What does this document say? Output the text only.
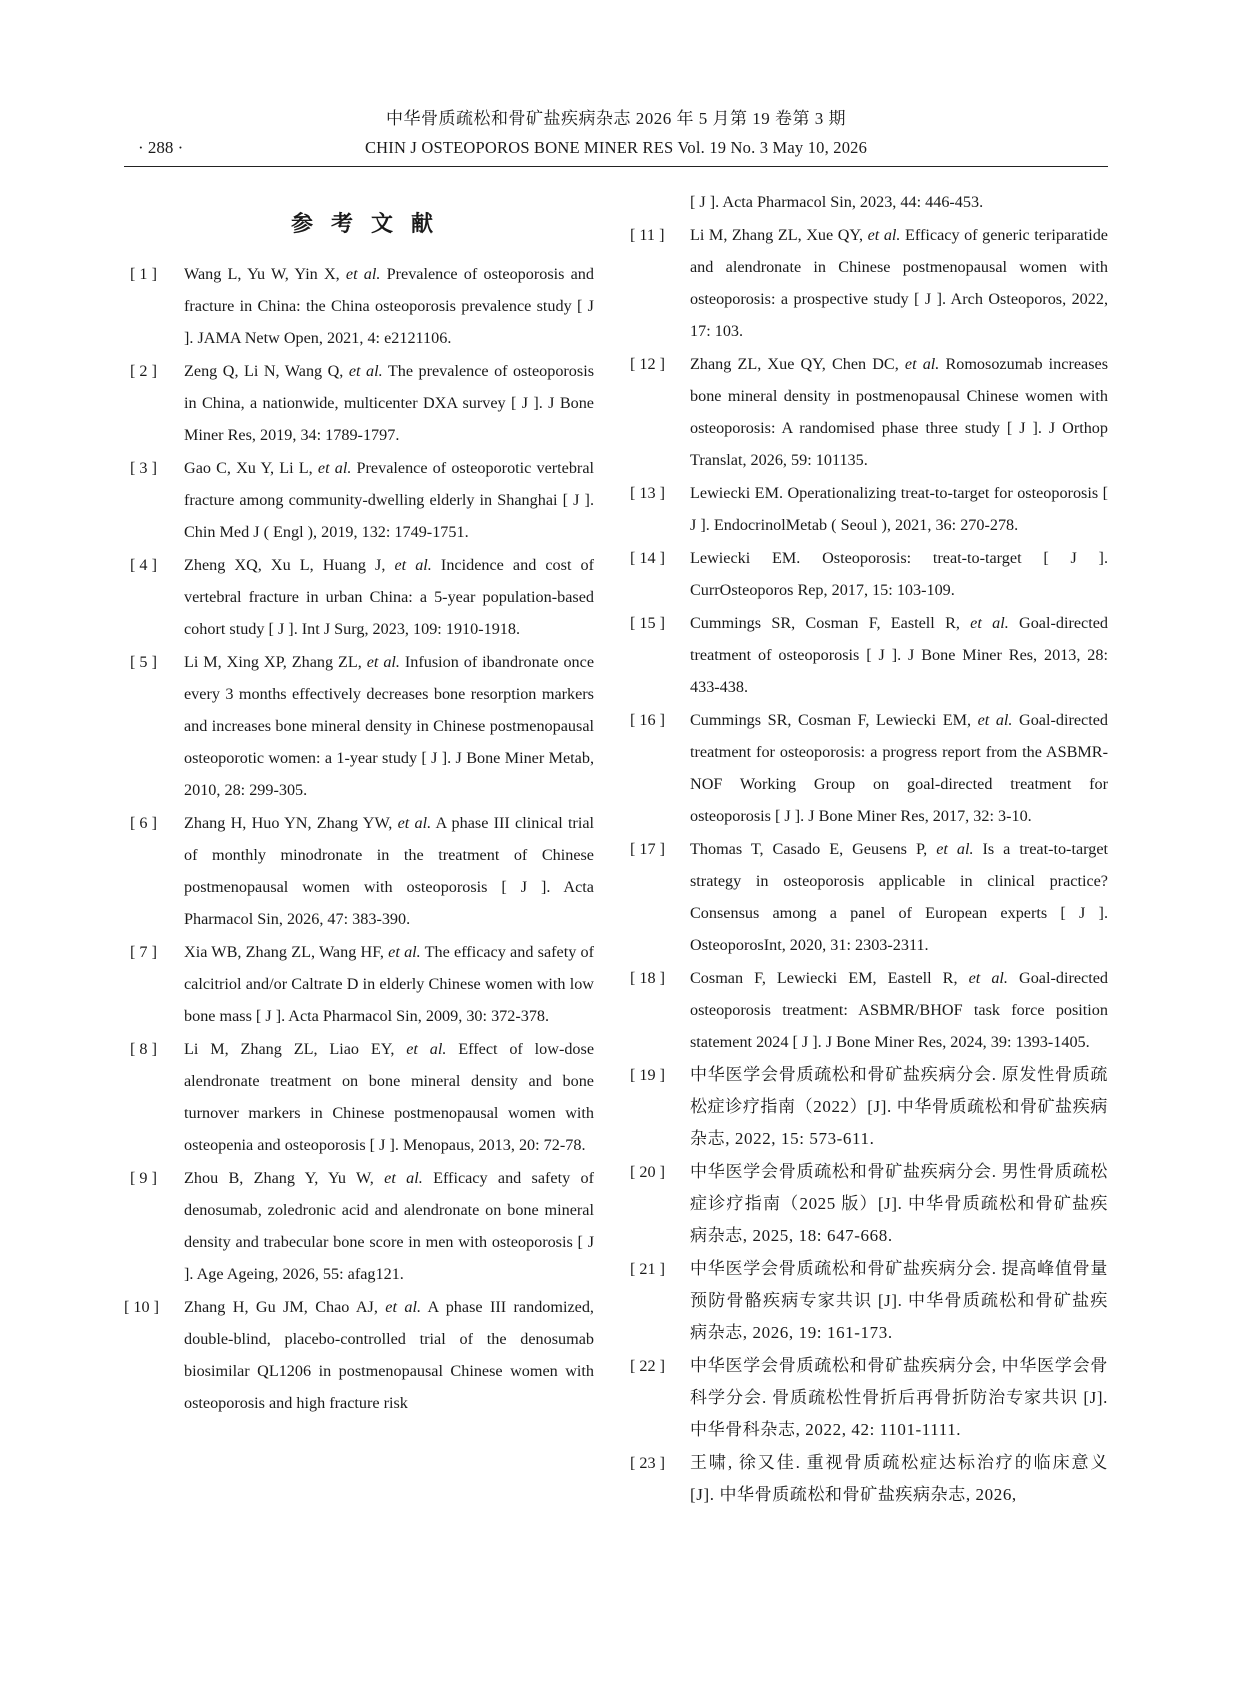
中华骨质疏松和骨矿盐疾病杂志 2026 年 5 月第 19 卷第 3 期
· 288 ·	CHIN J OSTEOPOROS BONE MINER RES Vol. 19 No. 3 May 10, 2026
参考文献
[ 1 ]	Wang L, Yu W, Yin X, et al. Prevalence of osteoporosis and fracture in China: the China osteoporosis prevalence study [ J ]. JAMA Netw Open, 2021, 4: e2121106.
[ 2 ]	Zeng Q, Li N, Wang Q, et al. The prevalence of osteoporosis in China, a nationwide, multicenter DXA survey [ J ]. J Bone Miner Res, 2019, 34: 1789-1797.
[ 3 ]	Gao C, Xu Y, Li L, et al. Prevalence of osteoporotic vertebral fracture among community-dwelling elderly in Shanghai [ J ]. Chin Med J ( Engl ), 2019, 132: 1749-1751.
[ 4 ]	Zheng XQ, Xu L, Huang J, et al. Incidence and cost of vertebral fracture in urban China: a 5-year population-based cohort study [ J ]. Int J Surg, 2023, 109: 1910-1918.
[ 5 ]	Li M, Xing XP, Zhang ZL, et al. Infusion of ibandronate once every 3 months effectively decreases bone resorption markers and increases bone mineral density in Chinese postmenopausal osteoporotic women: a 1-year study [ J ]. J Bone Miner Metab, 2010, 28: 299-305.
[ 6 ]	Zhang H, Huo YN, Zhang YW, et al. A phase III clinical trial of monthly minodronate in the treatment of Chinese postmenopausal women with osteoporosis [ J ]. Acta Pharmacol Sin, 2026, 47: 383-390.
[ 7 ]	Xia WB, Zhang ZL, Wang HF, et al. The efficacy and safety of calcitriol and/or Caltrate D in elderly Chinese women with low bone mass [ J ]. Acta Pharmacol Sin, 2009, 30: 372-378.
[ 8 ]	Li M, Zhang ZL, Liao EY, et al. Effect of low-dose alendronate treatment on bone mineral density and bone turnover markers in Chinese postmenopausal women with osteopenia and osteoporosis [ J ]. Menopaus, 2013, 20: 72-78.
[ 9 ]	Zhou B, Zhang Y, Yu W, et al. Efficacy and safety of denosumab, zoledronic acid and alendronate on bone mineral density and trabecular bone score in men with osteoporosis [ J ]. Age Ageing, 2026, 55: afag121.
[ 10 ]	Zhang H, Gu JM, Chao AJ, et al. A phase III randomized, double-blind, placebo-controlled trial of the denosumab biosimilar QL1206 in postmenopausal Chinese women with osteoporosis and high fracture risk
[ J ]. Acta Pharmacol Sin, 2023, 44: 446-453.
[ 11 ]	Li M, Zhang ZL, Xue QY, et al. Efficacy of generic teriparatide and alendronate in Chinese postmenopausal women with osteoporosis: a prospective study [ J ]. Arch Osteoporos, 2022, 17: 103.
[ 12 ]	Zhang ZL, Xue QY, Chen DC, et al. Romosozumab increases bone mineral density in postmenopausal Chinese women with osteoporosis: A randomised phase three study [ J ]. J Orthop Translat, 2026, 59: 101135.
[ 13 ]	Lewiecki EM. Operationalizing treat-to-target for osteoporosis [ J ]. EndocrinolMetab ( Seoul ), 2021, 36: 270-278.
[ 14 ]	Lewiecki EM. Osteoporosis: treat-to-target [ J ]. CurrOsteoporos Rep, 2017, 15: 103-109.
[ 15 ]	Cummings SR, Cosman F, Eastell R, et al. Goal-directed treatment of osteoporosis [ J ]. J Bone Miner Res, 2013, 28: 433-438.
[ 16 ]	Cummings SR, Cosman F, Lewiecki EM, et al. Goal-directed treatment for osteoporosis: a progress report from the ASBMR-NOF Working Group on goal-directed treatment for osteoporosis [ J ]. J Bone Miner Res, 2017, 32: 3-10.
[ 17 ]	Thomas T, Casado E, Geusens P, et al. Is a treat-to-target strategy in osteoporosis applicable in clinical practice? Consensus among a panel of European experts [ J ]. OsteoporosInt, 2020, 31: 2303-2311.
[ 18 ]	Cosman F, Lewiecki EM, Eastell R, et al. Goal-directed osteoporosis treatment: ASBMR/BHOF task force position statement 2024 [ J ]. J Bone Miner Res, 2024, 39: 1393-1405.
[ 19 ]	中华医学会骨质疏松和骨矿盐疾病分会. 原发性骨质疏松症诊疗指南（2022）[J]. 中华骨质疏松和骨矿盐疾病杂志, 2022, 15: 573-611.
[ 20 ]	中华医学会骨质疏松和骨矿盐疾病分会. 男性骨质疏松症诊疗指南（2025 版）[J]. 中华骨质疏松和骨矿盐疾病杂志, 2025, 18: 647-668.
[ 21 ]	中华医学会骨质疏松和骨矿盐疾病分会. 提高峰值骨量预防骨骼疾病专家共识 [J]. 中华骨质疏松和骨矿盐疾病杂志, 2026, 19: 161-173.
[ 22 ]	中华医学会骨质疏松和骨矿盐疾病分会, 中华医学会骨科学分会. 骨质疏松性骨折后再骨折防治专家共识 [J]. 中华骨科杂志, 2022, 42: 1101-1111.
[ 23 ]	王啸, 徐又佳. 重视骨质疏松症达标治疗的临床意义 [J]. 中华骨质疏松和骨矿盐疾病杂志, 2026,
